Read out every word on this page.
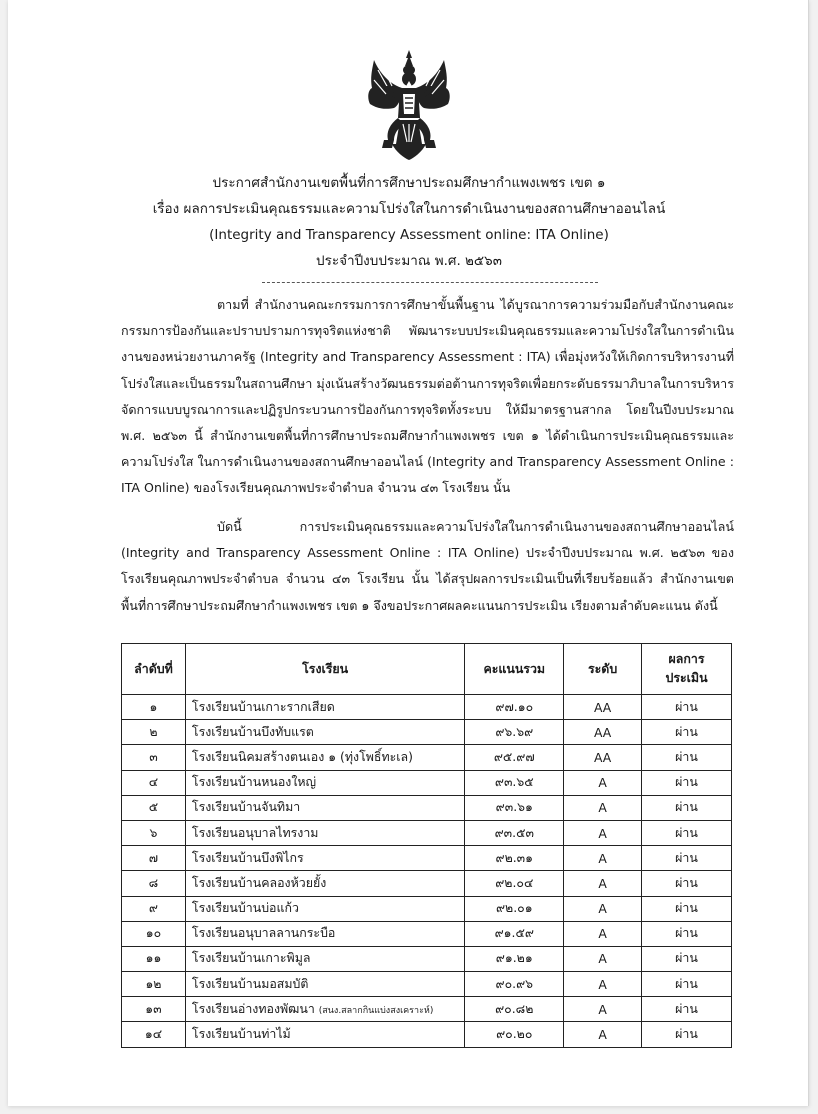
ประกาศสำนักงานเขตพื้นที่การศึกษาประถมศึกษากำแพงเพชร เขต ๑
เรื่อง ผลการประเมินคุณธรรมและความโปร่งใสในการดำเนินงานของสถานศึกษาออนไลน์
(Integrity and Transparency Assessment online: ITA Online)
ประจำปีงบประมาณ พ.ศ. ๒๕๖๓
ตามที่ สำนักงานคณะกรรมการการศึกษาขั้นพื้นฐาน ได้บูรณาการความร่วมมือกับสำนักงานคณะกรรมการป้องกันและปราบปรามการทุจริตแห่งชาติ พัฒนาระบบประเมินคุณธรรมและความโปร่งใสในการดำเนินงานของหน่วยงานภาครัฐ (Integrity and Transparency Assessment : ITA) เพื่อมุ่งหวังให้เกิดการบริหารงานที่โปร่งใสและเป็นธรรมในสถานศึกษา มุ่งเน้นสร้างวัฒนธรรมต่อต้านการทุจริตเพื่อยกระดับธรรมาภิบาลในการบริหารจัดการแบบบูรณาการและปฏิรูปกระบวนการป้องกันการทุจริตทั้งระบบ ให้มีมาตรฐานสากล โดยในปีงบประมาณ พ.ศ. ๒๕๖๓ นี้ สำนักงานเขตพื้นที่การศึกษาประถมศึกษากำแพงเพชร เขต ๑ ได้ดำเนินการประเมินคุณธรรมและความโปร่งใส ในการดำเนินงานของสถานศึกษาออนไลน์ (Integrity and Transparency Assessment Online : ITA Online) ของโรงเรียนคุณภาพประจำตำบล จำนวน ๔๓ โรงเรียน นั้น
บัดนี้ การประเมินคุณธรรมและความโปร่งใสในการดำเนินงานของสถานศึกษาออนไลน์ (Integrity and Transparency Assessment Online : ITA Online) ประจำปีงบประมาณ พ.ศ. ๒๕๖๓ ของโรงเรียนคุณภาพประจำตำบล จำนวน ๔๓ โรงเรียน นั้น ได้สรุปผลการประเมินเป็นที่เรียบร้อยแล้ว สำนักงานเขตพื้นที่การศึกษาประถมศึกษากำแพงเพชร เขต ๑ จึงขอประกาศผลคะแนนการประเมิน เรียงตามลำดับคะแนน ดังนี้
ลำดับที่	โรงเรียน	คะแนนรวม	ระดับ	ผลการประเมิน
๑	โรงเรียนบ้านเกาะรากเสียด	๙๗.๑๐	AA	ผ่าน
๒	โรงเรียนบ้านบึงทับแรต	๙๖.๖๙	AA	ผ่าน
๓	โรงเรียนนิคมสร้างตนเอง ๑ (ทุ่งโพธิ์ทะเล)	๙๕.๙๗	AA	ผ่าน
๔	โรงเรียนบ้านหนองใหญ่	๙๓.๖๕	A	ผ่าน
๕	โรงเรียนบ้านจันทิมา	๙๓.๖๑	A	ผ่าน
๖	โรงเรียนอนุบาลไทรงาม	๙๓.๕๓	A	ผ่าน
๗	โรงเรียนบ้านบึงพิไกร	๙๒.๓๑	A	ผ่าน
๘	โรงเรียนบ้านคลองห้วยยั้ง	๙๒.๐๔	A	ผ่าน
๙	โรงเรียนบ้านบ่อแก้ว	๙๒.๐๑	A	ผ่าน
๑๐	โรงเรียนอนุบาลลานกระบือ	๙๑.๕๙	A	ผ่าน
๑๑	โรงเรียนบ้านเกาะพิมูล	๙๑.๒๑	A	ผ่าน
๑๒	โรงเรียนบ้านมอสมบัติ	๙๐.๙๖	A	ผ่าน
๑๓	โรงเรียนอ่างทองพัฒนา (สนง.สลากกินแบ่งสงเคราะห์)	๙๐.๘๒	A	ผ่าน
๑๔	โรงเรียนบ้านท่าไม้	๙๐.๒๐	A	ผ่าน
